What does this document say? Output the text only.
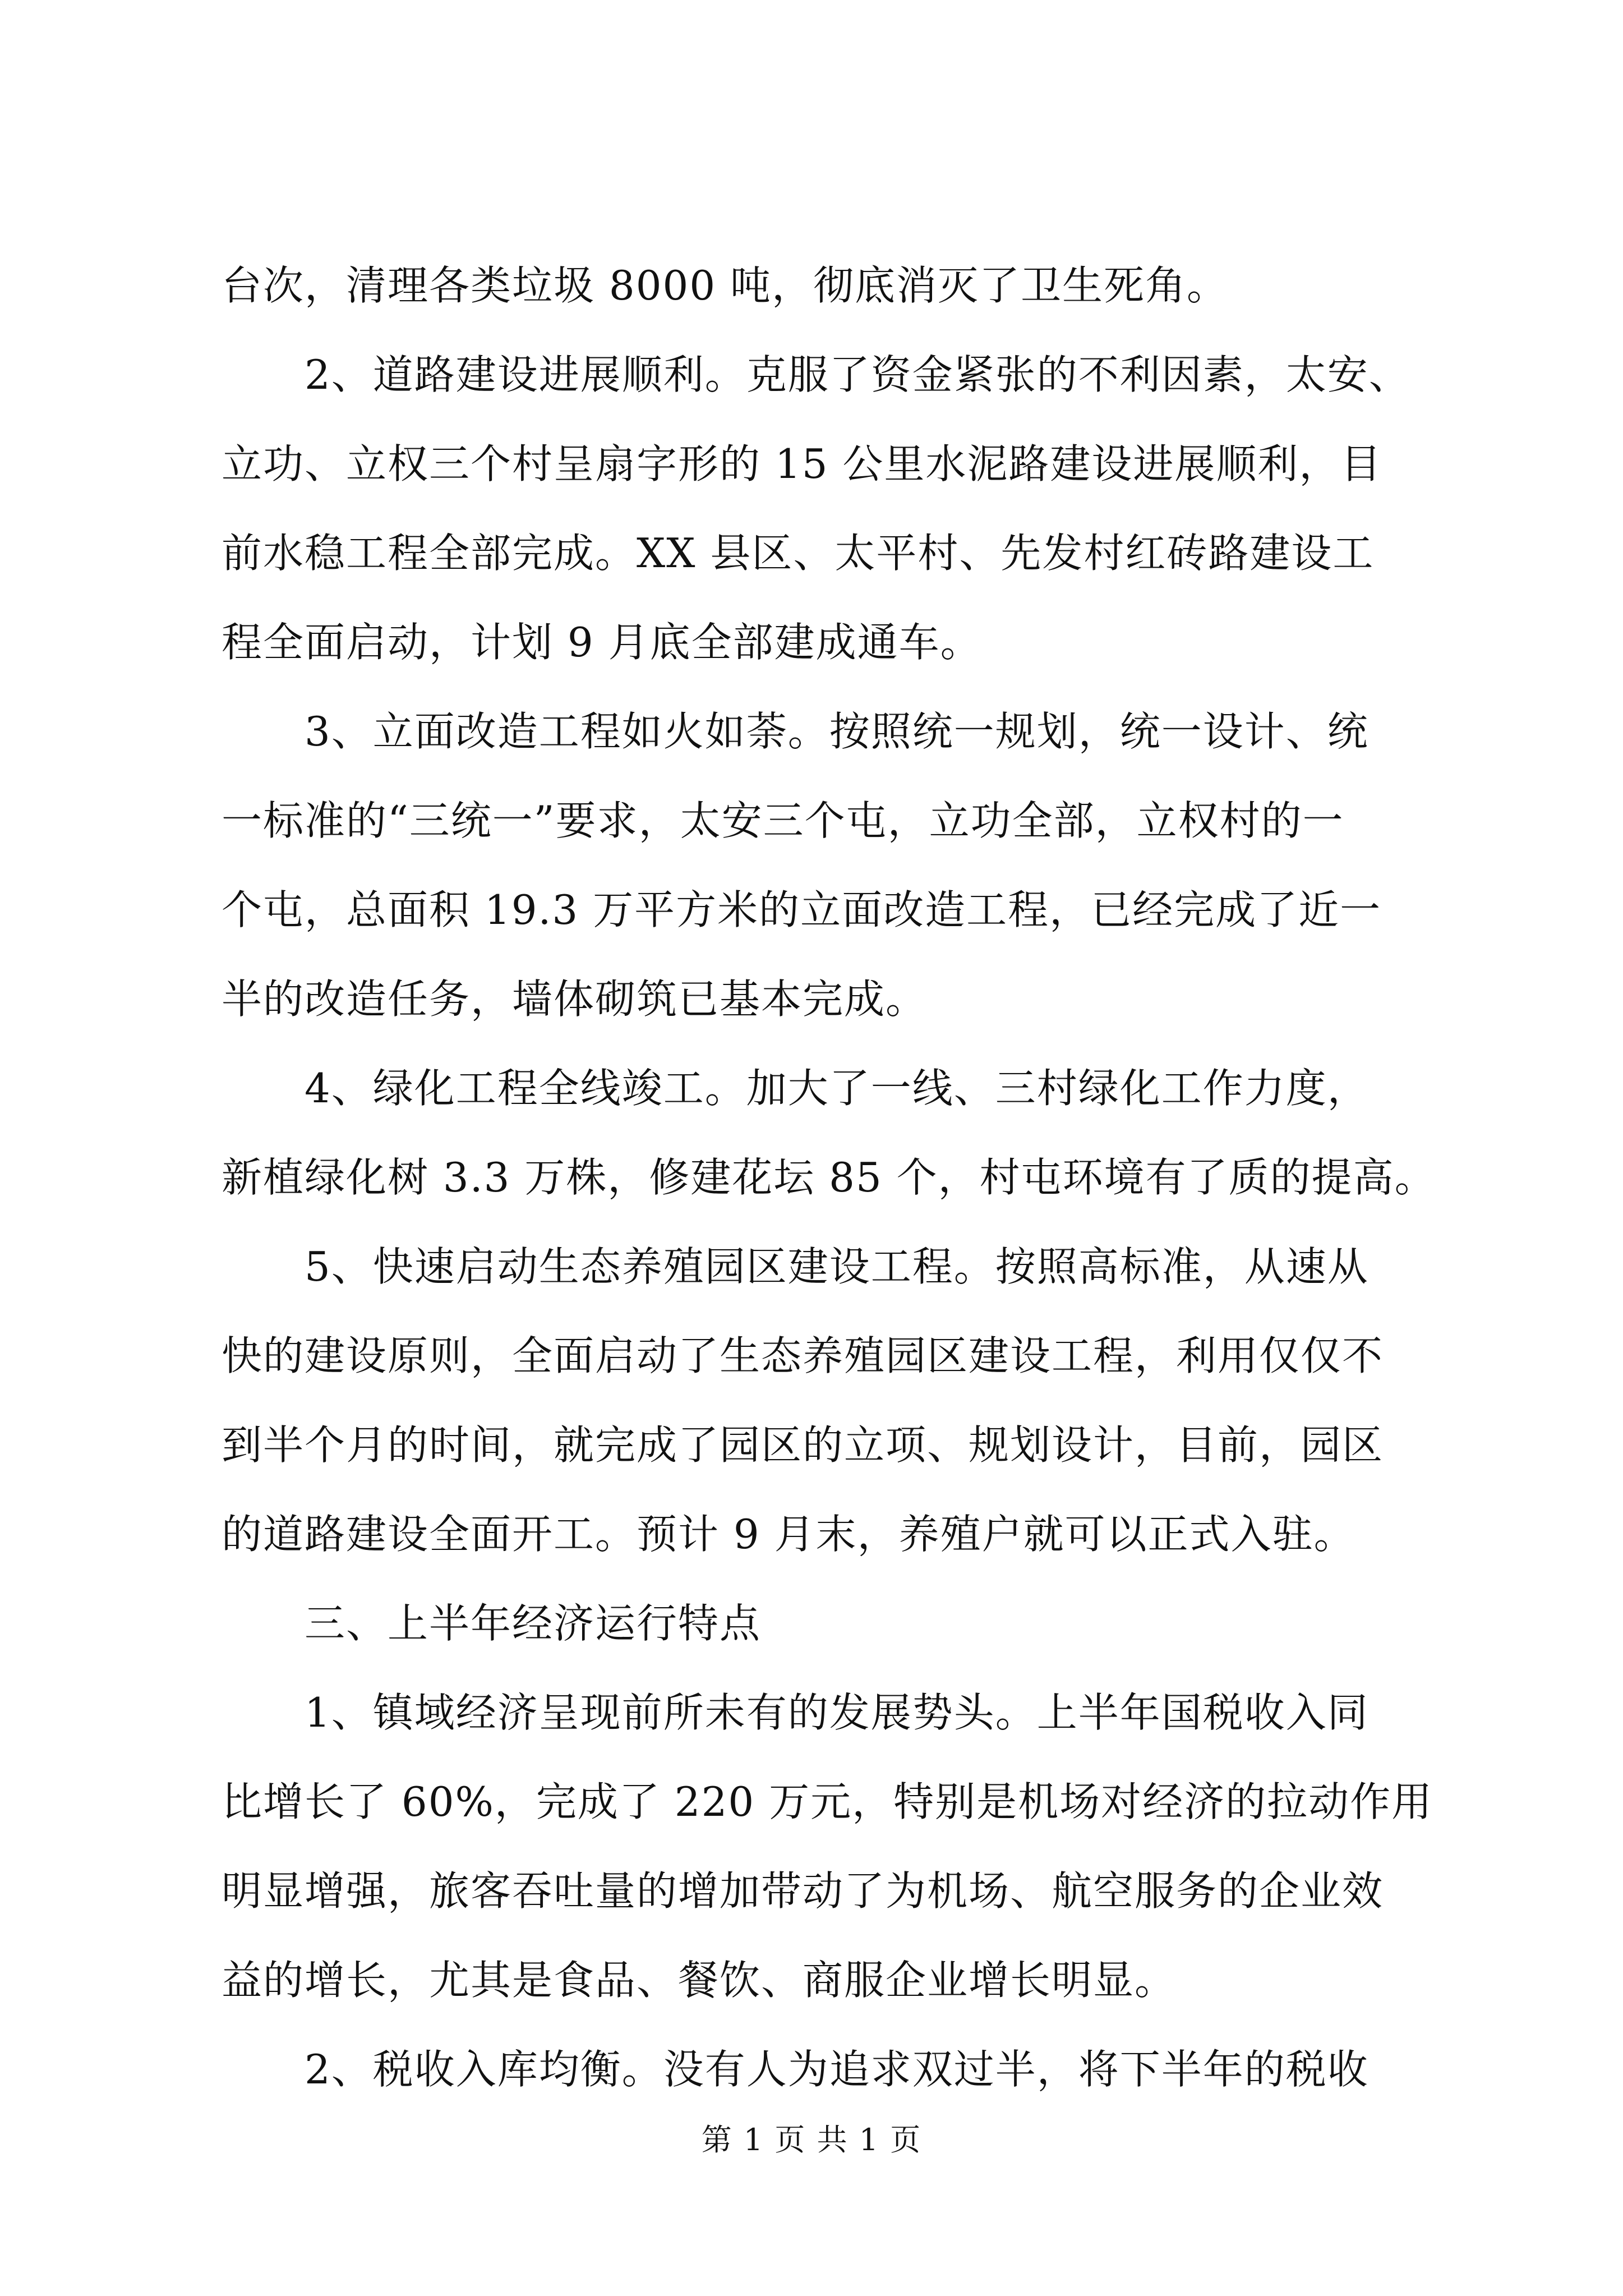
台次，清理各类垃圾 8000 吨，彻底消灭了卫生死角。
2、道路建设进展顺利。克服了资金紧张的不利因素，太安、
立功、立权三个村呈扇字形的 15 公里水泥路建设进展顺利，目
前水稳工程全部完成。XX 县区、太平村、先发村红砖路建设工
程全面启动，计划 9 月底全部建成通车。
3、立面改造工程如火如荼。按照统一规划，统一设计、统
一标准的“三统一”要求，太安三个屯，立功全部，立权村的一
个屯，总面积 19.3 万平方米的立面改造工程，已经完成了近一
半的改造任务，墙体砌筑已基本完成。
4、绿化工程全线竣工。加大了一线、三村绿化工作力度，
新植绿化树 3.3 万株，修建花坛 85 个，村屯环境有了质的提高。
5、快速启动生态养殖园区建设工程。按照高标准，从速从
快的建设原则，全面启动了生态养殖园区建设工程，利用仅仅不
到半个月的时间，就完成了园区的立项、规划设计，目前，园区
的道路建设全面开工。预计 9 月末，养殖户就可以正式入驻。
三、上半年经济运行特点
1、镇域经济呈现前所未有的发展势头。上半年国税收入同
比增长了 60%，完成了 220 万元，特别是机场对经济的拉动作用
明显增强，旅客吞吐量的增加带动了为机场、航空服务的企业效
益的增长，尤其是食品、餐饮、商服企业增长明显。
2、税收入库均衡。没有人为追求双过半，将下半年的税收
第 1 页 共 1 页
